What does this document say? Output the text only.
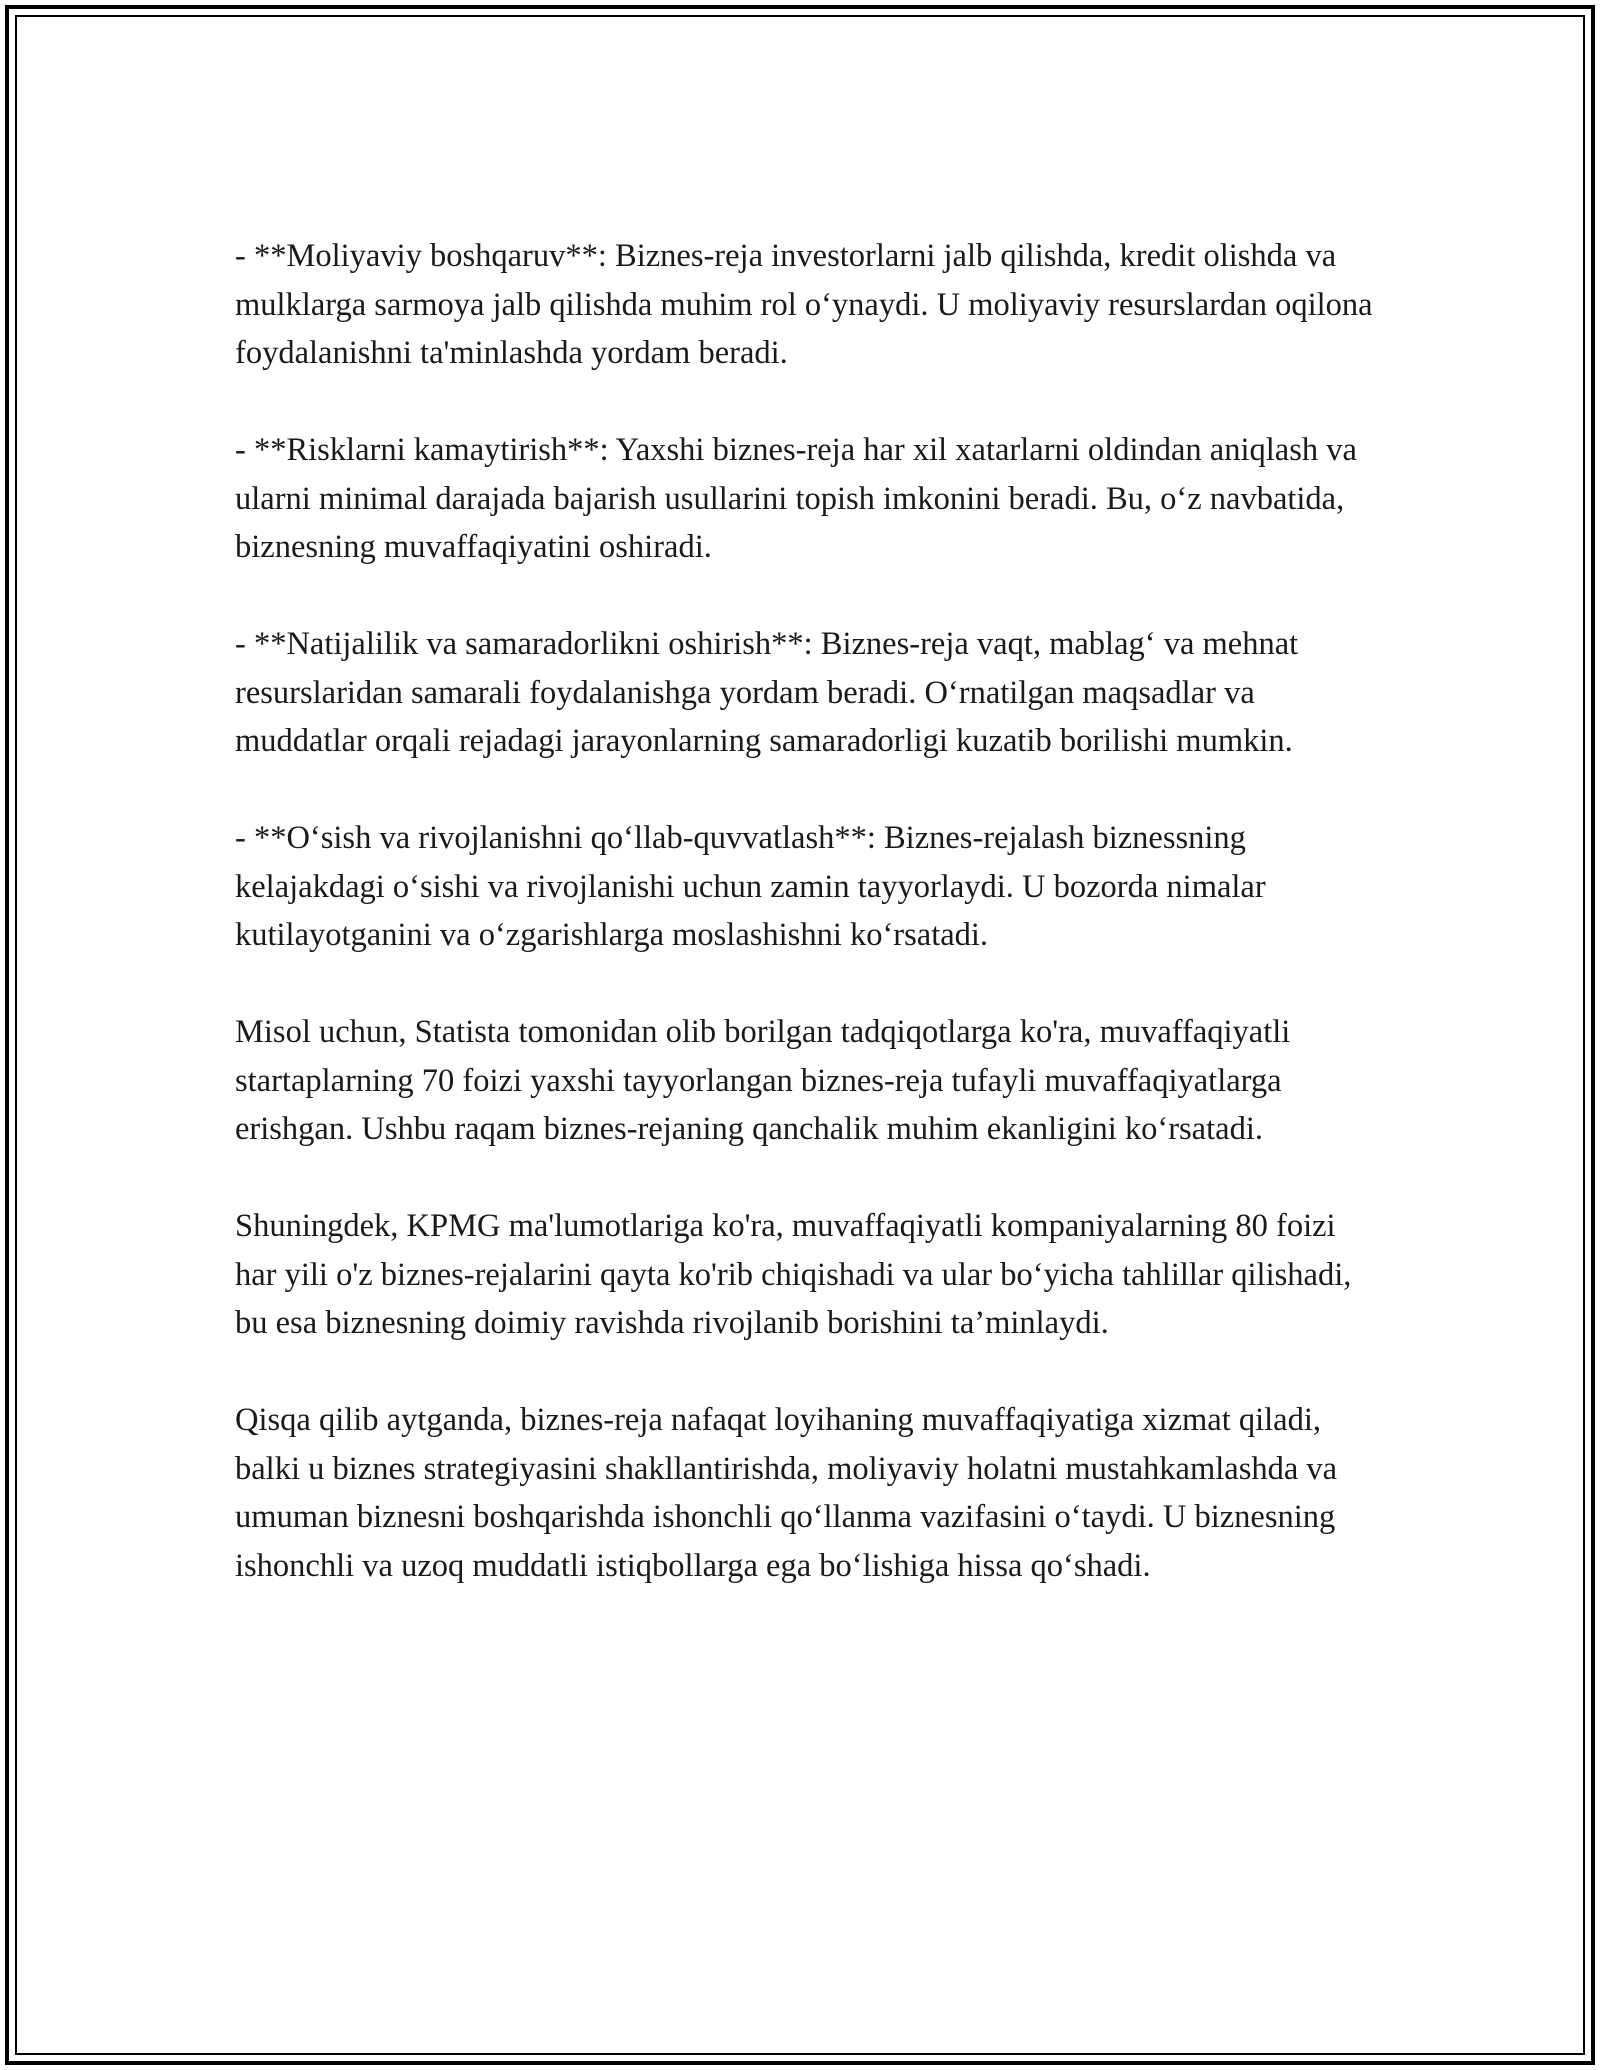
- **Moliyaviy boshqaruv**: Biznes-reja investorlarni jalb qilishda, kredit olishda va mulklarga sarmoya jalb qilishda muhim rol o‘ynaydi. U moliyaviy resurslardan oqilona foydalanishni ta'minlashda yordam beradi.

- **Risklarni kamaytirish**: Yaxshi biznes-reja har xil xatarlarni oldindan aniqlash va ularni minimal darajada bajarish usullarini topish imkonini beradi. Bu, o‘z navbatida, biznesning muvaffaqiyatini oshiradi.

- **Natijalilik va samaradorlikni oshirish**: Biznes-reja vaqt, mablag‘ va mehnat resurslaridan samarali foydalanishga yordam beradi. O‘rnatilgan maqsadlar va muddatlar orqali rejadagi jarayonlarning samaradorligi kuzatib borilishi mumkin.

- **O‘sish va rivojlanishni qo‘llab-quvvatlash**: Biznes-rejalash biznessning kelajakdagi o‘sishi va rivojlanishi uchun zamin tayyorlaydi. U bozorda nimalar kutilayotganini va o‘zgarishlarga moslashishni ko‘rsatadi.

Misol uchun, Statista tomonidan olib borilgan tadqiqotlarga ko'ra, muvaffaqiyatli startaplarning 70 foizi yaxshi tayyorlangan biznes-reja tufayli muvaffaqiyatlarga erishgan. Ushbu raqam biznes-rejaning qanchalik muhim ekanligini ko‘rsatadi.

Shuningdek, KPMG ma'lumotlariga ko'ra, muvaffaqiyatli kompaniyalarning 80 foizi har yili o'z biznes-rejalarini qayta ko'rib chiqishadi va ular bo‘yicha tahlillar qilishadi, bu esa biznesning doimiy ravishda rivojlanib borishini ta’minlaydi.

Qisqa qilib aytganda, biznes-reja nafaqat loyihaning muvaffaqiyatiga xizmat qiladi, balki u biznes strategiyasini shakllantirishda, moliyaviy holatni mustahkamlashda va umuman biznesni boshqarishda ishonchli qo‘llanma vazifasini o‘taydi. U biznesning ishonchli va uzoq muddatli istiqbollarga ega bo‘lishiga hissa qo‘shadi.
